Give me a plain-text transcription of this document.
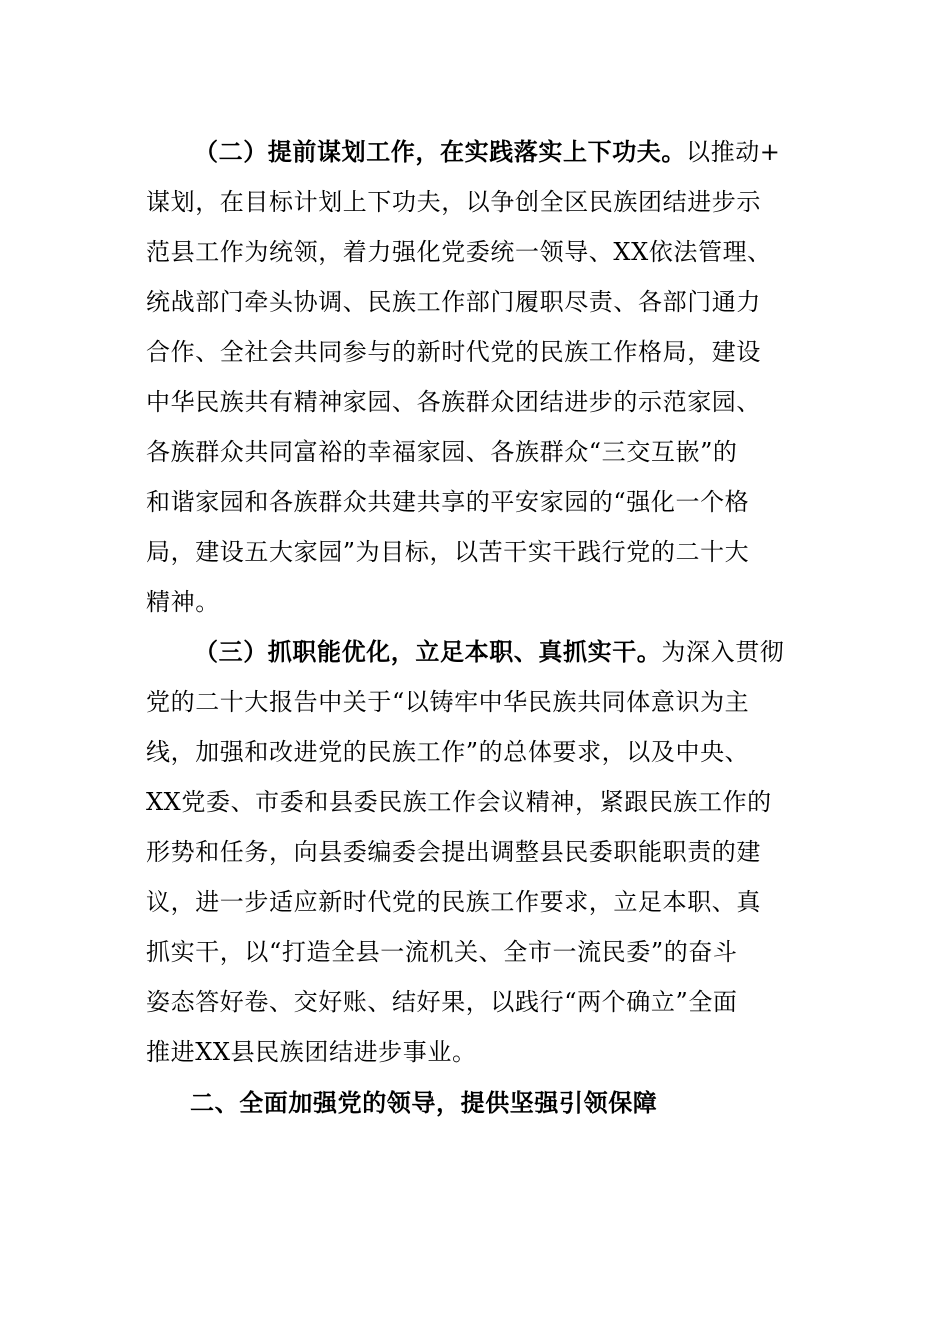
（二）提前谋划工作，在实践落实上下功夫。以推动+
谋划，在目标计划上下功夫，以争创全区民族团结进步示
范县工作为统领，着力强化党委统一领导、XX依法管理、
统战部门牵头协调、民族工作部门履职尽责、各部门通力
合作、全社会共同参与的新时代党的民族工作格局，建设
中华民族共有精神家园、各族群众团结进步的示范家园、
各族群众共同富裕的幸福家园、各族群众“三交互嵌”的
和谐家园和各族群众共建共享的平安家园的“强化一个格
局，建设五大家园”为目标，以苦干实干践行党的二十大
精神。
（三）抓职能优化，立足本职、真抓实干。为深入贯彻
党的二十大报告中关于“以铸牢中华民族共同体意识为主
线，加强和改进党的民族工作”的总体要求，以及中央、
XX党委、市委和县委民族工作会议精神，紧跟民族工作的
形势和任务，向县委编委会提出调整县民委职能职责的建
议，进一步适应新时代党的民族工作要求，立足本职、真
抓实干，以“打造全县一流机关、全市一流民委”的奋斗
姿态答好卷、交好账、结好果，以践行“两个确立”全面
推进XX县民族团结进步事业。
二、全面加强党的领导，提供坚强引领保障
